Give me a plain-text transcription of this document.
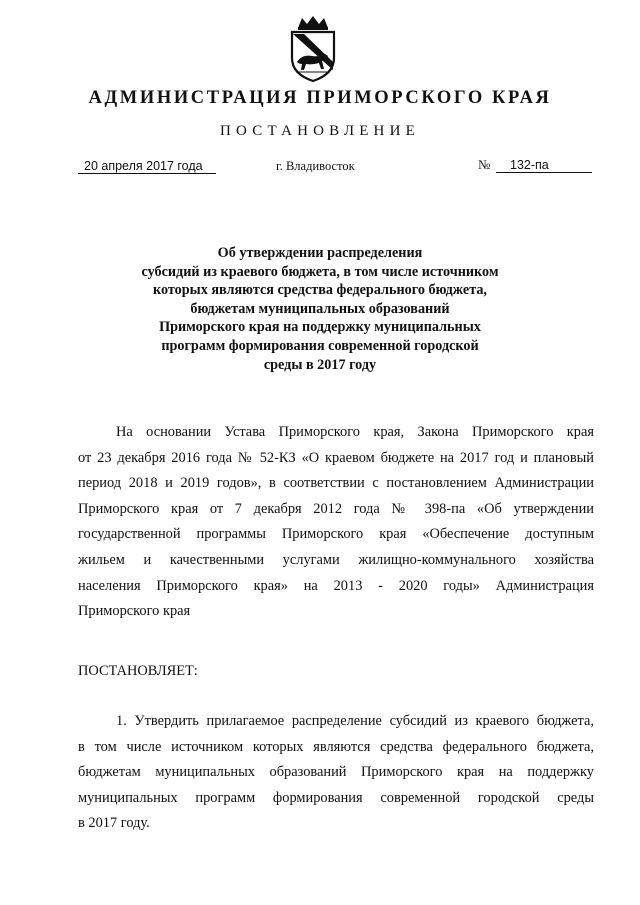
АДМИНИСТРАЦИЯ ПРИМОРСКОГО КРАЯ
ПОСТАНОВЛЕНИЕ
20 апреля 2017 года	г. Владивосток	№	132-па
Об утверждении распределения
субсидий из краевого бюджета, в том числе источником
которых являются средства федерального бюджета,
бюджетам муниципальных образований
Приморского края на поддержку муниципальных
программ формирования современной городской
среды в 2017 году
На основании Устава Приморского края, Закона Приморского края
от 23 декабря 2016 года № 52-КЗ «О краевом бюджете на 2017 год и плановый
период 2018 и 2019 годов», в соответствии с постановлением Администрации
Приморского края от 7 декабря 2012 года № 398-па «Об утверждении
государственной программы Приморского края «Обеспечение доступным
жильем и качественными услугами жилищно-коммунального хозяйства
населения Приморского края» на 2013 - 2020 годы» Администрация
Приморского края
ПОСТАНОВЛЯЕТ:
1. Утвердить прилагаемое распределение субсидий из краевого бюджета,
в том числе источником которых являются средства федерального бюджета,
бюджетам муниципальных образований Приморского края на поддержку
муниципальных программ формирования современной городской среды
в 2017 году.
